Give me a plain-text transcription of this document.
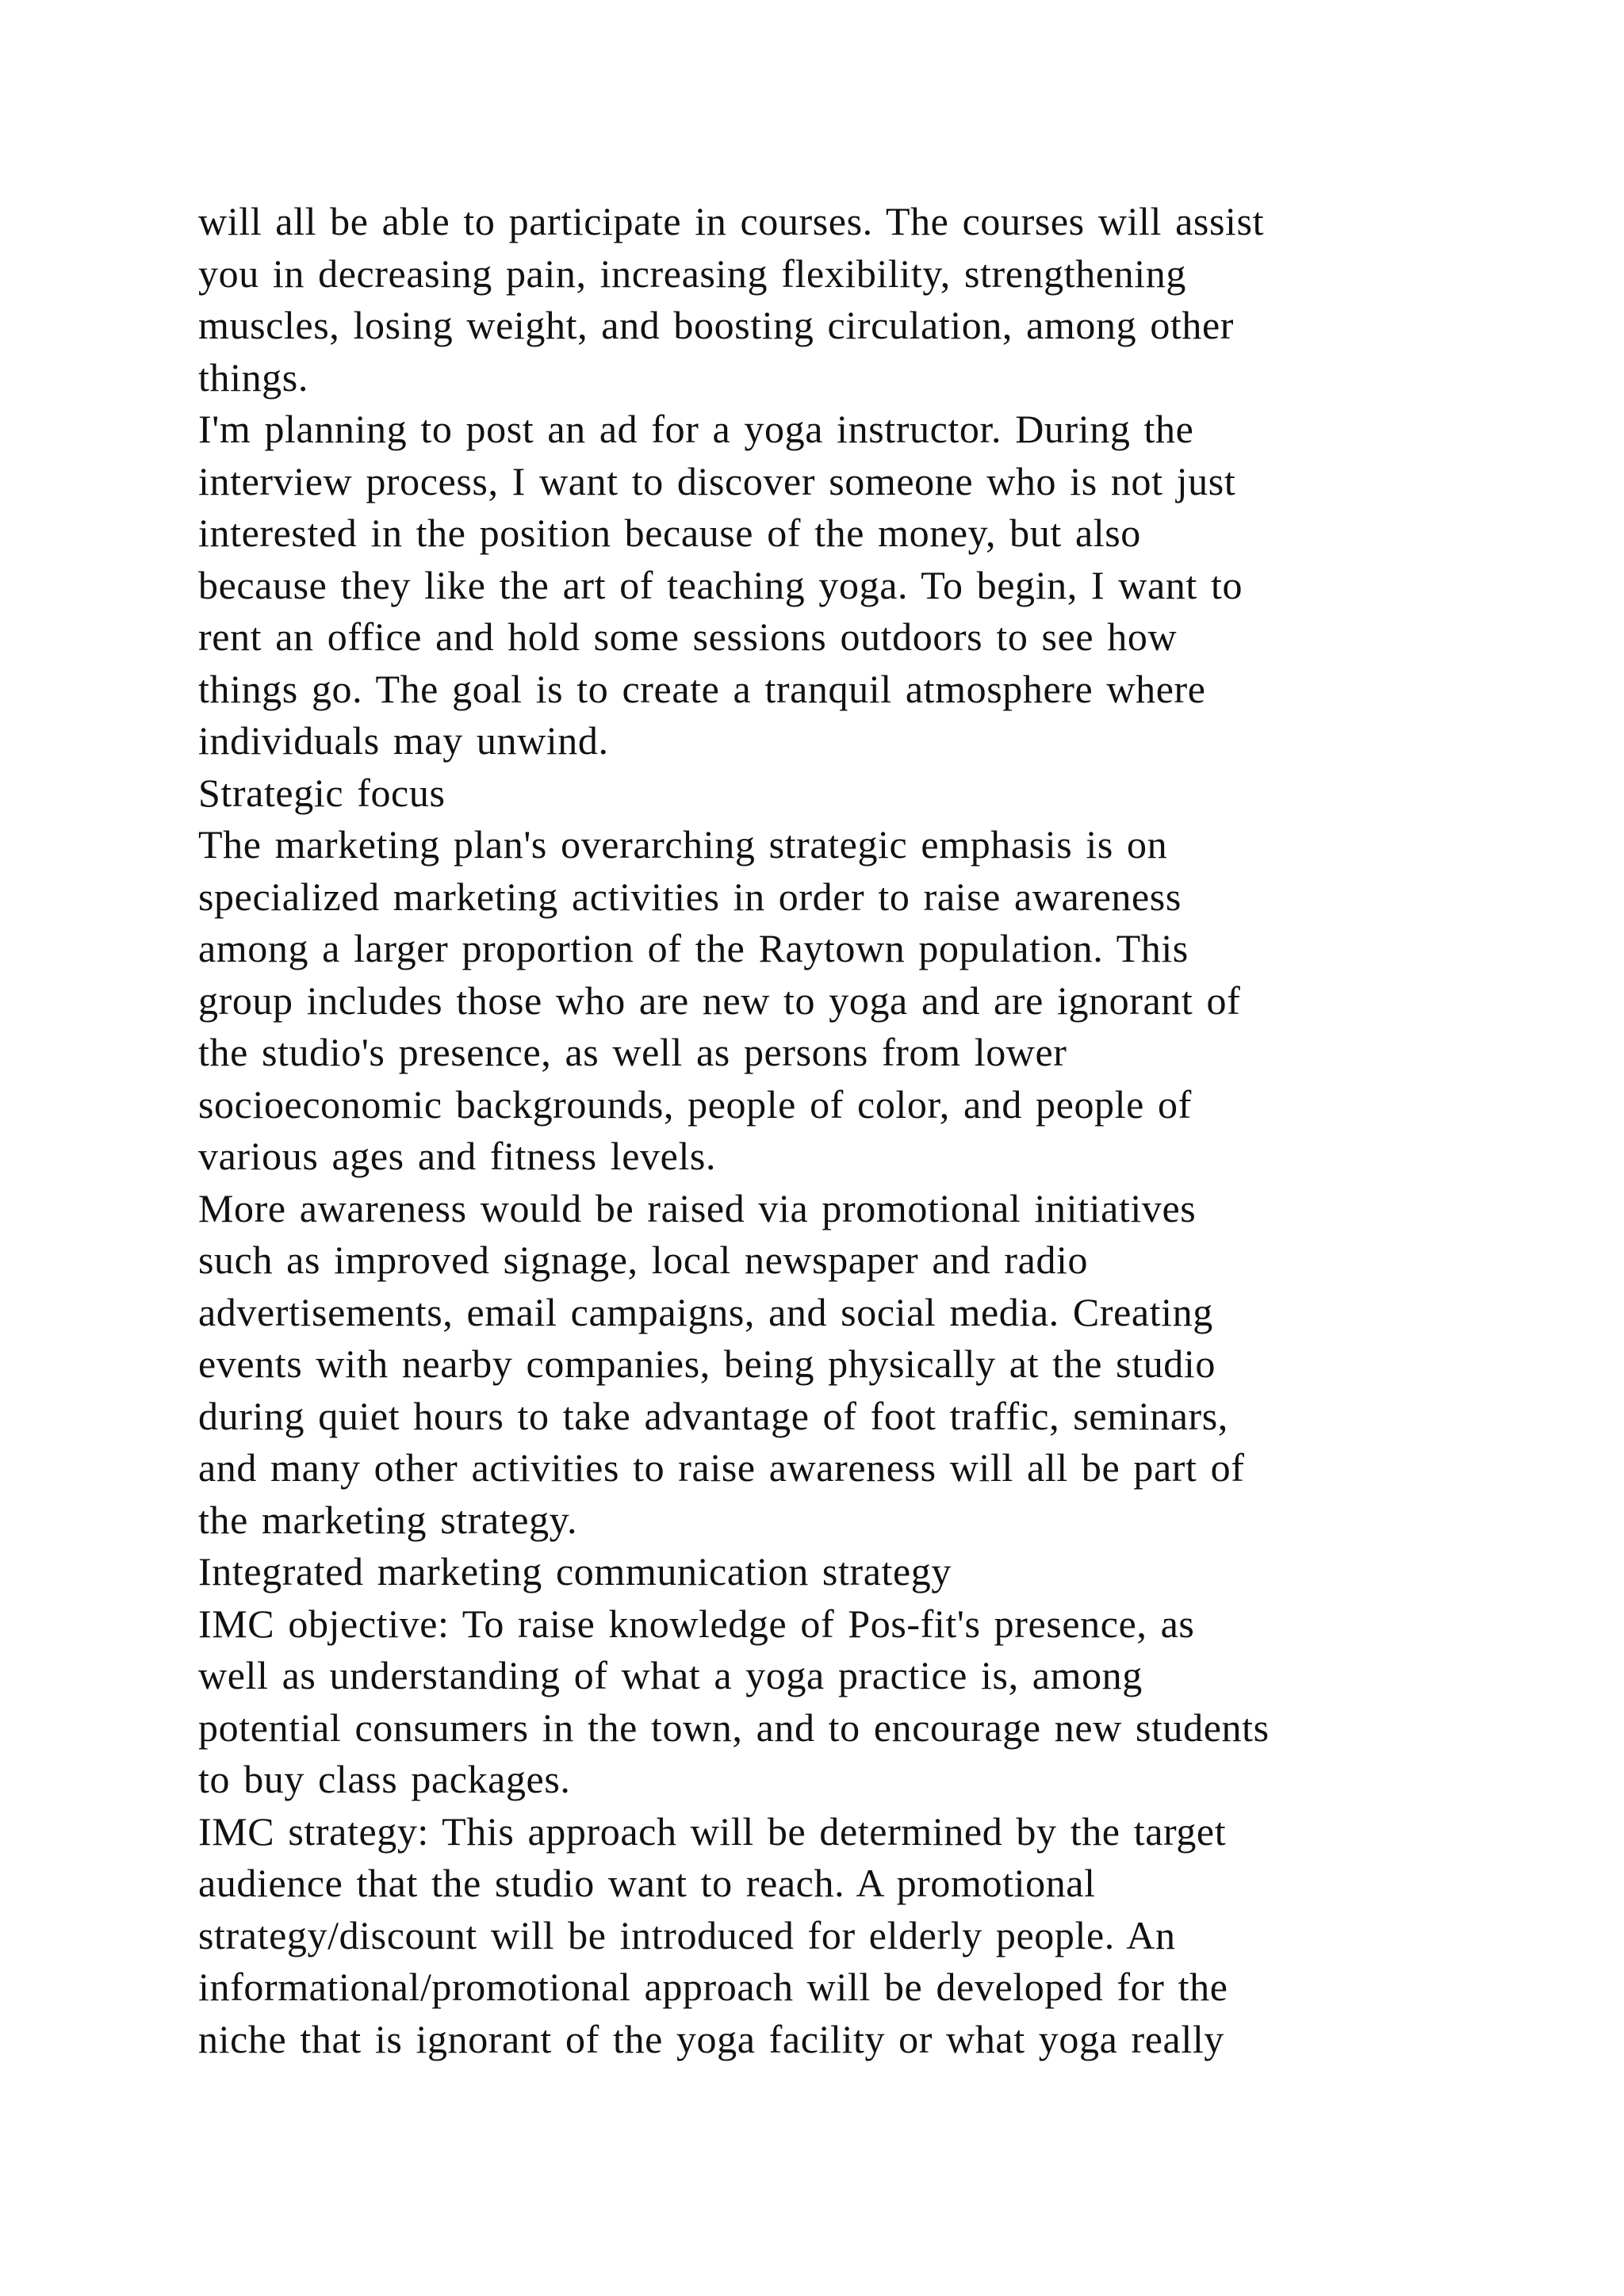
will all be able to participate in courses. The courses will assist
you in decreasing pain, increasing flexibility, strengthening
muscles, losing weight, and boosting circulation, among other
things.
I'm planning to post an ad for a yoga instructor. During the
interview process, I want to discover someone who is not just
interested in the position because of the money, but also
because they like the art of teaching yoga. To begin, I want to
rent an office and hold some sessions outdoors to see how
things go. The goal is to create a tranquil atmosphere where
individuals may unwind.
Strategic focus
The marketing plan's overarching strategic emphasis is on
specialized marketing activities in order to raise awareness
among a larger proportion of the Raytown population. This
group includes those who are new to yoga and are ignorant of
the studio's presence, as well as persons from lower
socioeconomic backgrounds, people of color, and people of
various ages and fitness levels.
More awareness would be raised via promotional initiatives
such as improved signage, local newspaper and radio
advertisements, email campaigns, and social media. Creating
events with nearby companies, being physically at the studio
during quiet hours to take advantage of foot traffic, seminars,
and many other activities to raise awareness will all be part of
the marketing strategy.
Integrated marketing communication strategy
IMC objective: To raise knowledge of Pos-fit's presence, as
well as understanding of what a yoga practice is, among
potential consumers in the town, and to encourage new students
to buy class packages.
IMC strategy: This approach will be determined by the target
audience that the studio want to reach. A promotional
strategy/discount will be introduced for elderly people. An
informational/promotional approach will be developed for the
niche that is ignorant of the yoga facility or what yoga really
